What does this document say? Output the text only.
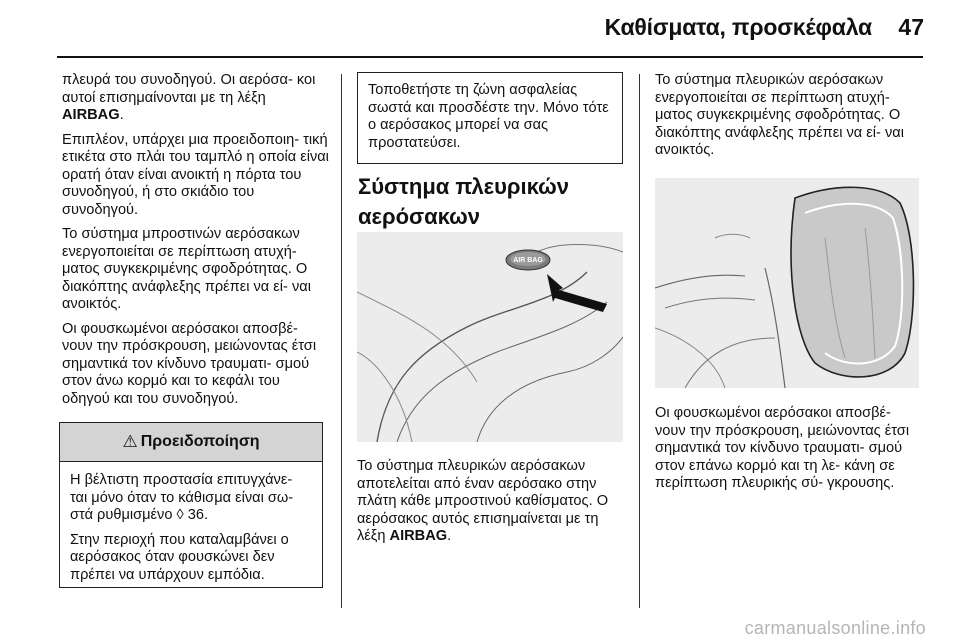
Καθίσματα, προσκέφαλα 47

πλευρά του συνοδηγού. Οι αερόσα- κοι αυτοί επισημαίνονται με τη λέξη AIRBAG.

Επιπλέον, υπάρχει μια προειδοποιη- τική ετικέτα στο πλάι του ταμπλό η οποία είναι ορατή όταν είναι ανοικτή η πόρτα του συνοδηγού, ή στο σκιάδιο του συνοδηγού.

Το σύστημα μπροστινών αερόσακων ενεργοποιείται σε περίπτωση ατυχή- ματος συγκεκριμένης σφοδρότητας. Ο διακόπτης ανάφλεξης πρέπει να εί- ναι ανοικτός.

Οι φουσκωμένοι αερόσακοι αποσβέ- νουν την πρόσκρουση, μειώνοντας έτσι σημαντικά τον κίνδυνο τραυματι- σμού στον άνω κορμό και το κεφάλι του οδηγού και του συνοδηγού.

⚠ Προειδοποίηση

Η βέλτιστη προστασία επιτυγχάνε- ται μόνο όταν το κάθισμα είναι σω- στά ρυθμισμένο ◊ 36.

Στην περιοχή που καταλαμβάνει ο αερόσακος όταν φουσκώνει δεν πρέπει να υπάρχουν εμπόδια.

Τοποθετήστε τη ζώνη ασφαλείας σωστά και προσδέστε την. Μόνο τότε ο αερόσακος μπορεί να σας προστατεύσει.
Σύστημα πλευρικών αερόσακων
AIR BAG
Το σύστημα πλευρικών αερόσακων αποτελείται από έναν αερόσακο στην πλάτη κάθε μπροστινού καθίσματος. Ο αερόσακος αυτός επισημαίνεται με τη λέξη AIRBAG.
Το σύστημα πλευρικών αερόσακων ενεργοποιείται σε περίπτωση ατυχή- ματος συγκεκριμένης σφοδρότητας. Ο διακόπτης ανάφλεξης πρέπει να εί- ναι ανοικτός.
Οι φουσκωμένοι αερόσακοι αποσβέ- νουν την πρόσκρουση, μειώνοντας έτσι σημαντικά τον κίνδυνο τραυματι- σμού στον επάνω κορμό και τη λε- κάνη σε περίπτωση πλευρικής σύ- γκρουσης.
carmanualsonline.info
